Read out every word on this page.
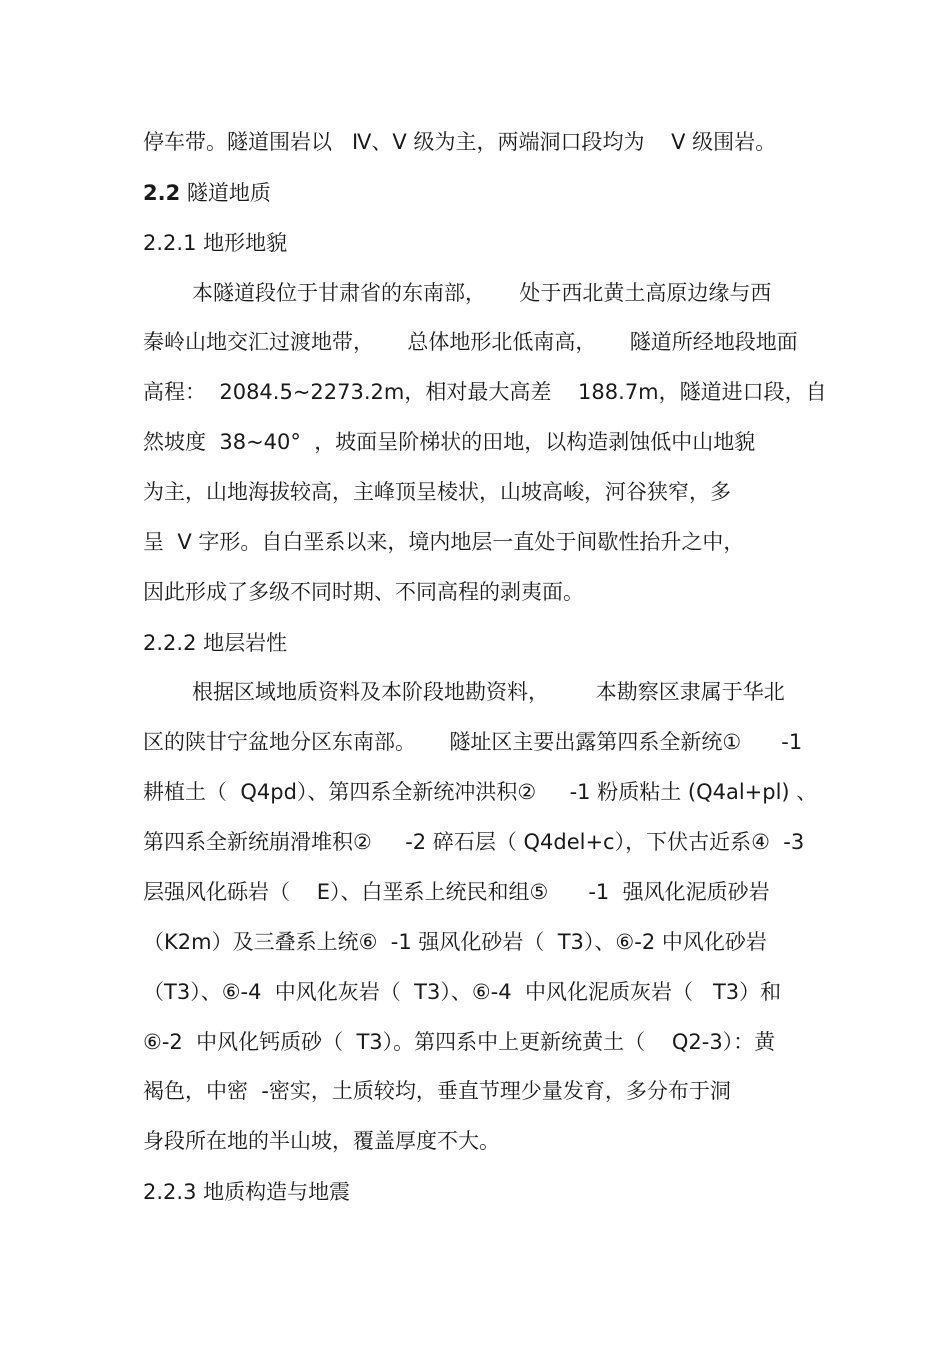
停车带。隧道围岩以   Ⅳ、Ⅴ 级为主，两端洞口段均为    Ⅴ 级围岩。
2.2 隧道地质
2.2.1 地形地貌
本隧道段位于甘肃省的东南部，     处于西北黄土高原边缘与西
秦岭山地交汇过渡地带，     总体地形北低南高，     隧道所经地段地面
高程：  2084.5~2273.2m，相对最大高差    188.7m，隧道进口段，自
然坡度  38~40°  ，坡面呈阶梯状的田地，以构造剥蚀低中山地貌
为主，山地海拔较高，主峰顶呈棱状，山坡高峻，河谷狭窄，多
呈  V 字形。自白垩系以来，境内地层一直处于间歇性抬升之中，
因此形成了多级不同时期、不同高程的剥夷面。
2.2.2 地层岩性
根据区域地质资料及本阶段地勘资料，       本勘察区隶属于华北
区的陕甘宁盆地分区东南部。     隧址区主要出露第四系全新统①      -1
耕植土（  Q4pd）、第四系全新统冲洪积②     -1 粉质粘土 (Q4al+pl) 、
第四系全新统崩滑堆积②     -2 碎石层（ Q4del+c），下伏古近系④  -3
层强风化砾岩（    E）、白垩系上统民和组⑤      -1  强风化泥质砂岩
（K2m）及三叠系上统⑥  -1 强风化砂岩（  T3）、⑥-2 中风化砂岩
（T3）、⑥-4  中风化灰岩（  T3）、⑥-4  中风化泥质灰岩（   T3）和
⑥-2  中风化钙质砂（  T3）。第四系中上更新统黄土（    Q2-3）：黄
褐色，中密  -密实，土质较均，垂直节理少量发育，多分布于洞
身段所在地的半山坡，覆盖厚度不大。
2.2.3 地质构造与地震
